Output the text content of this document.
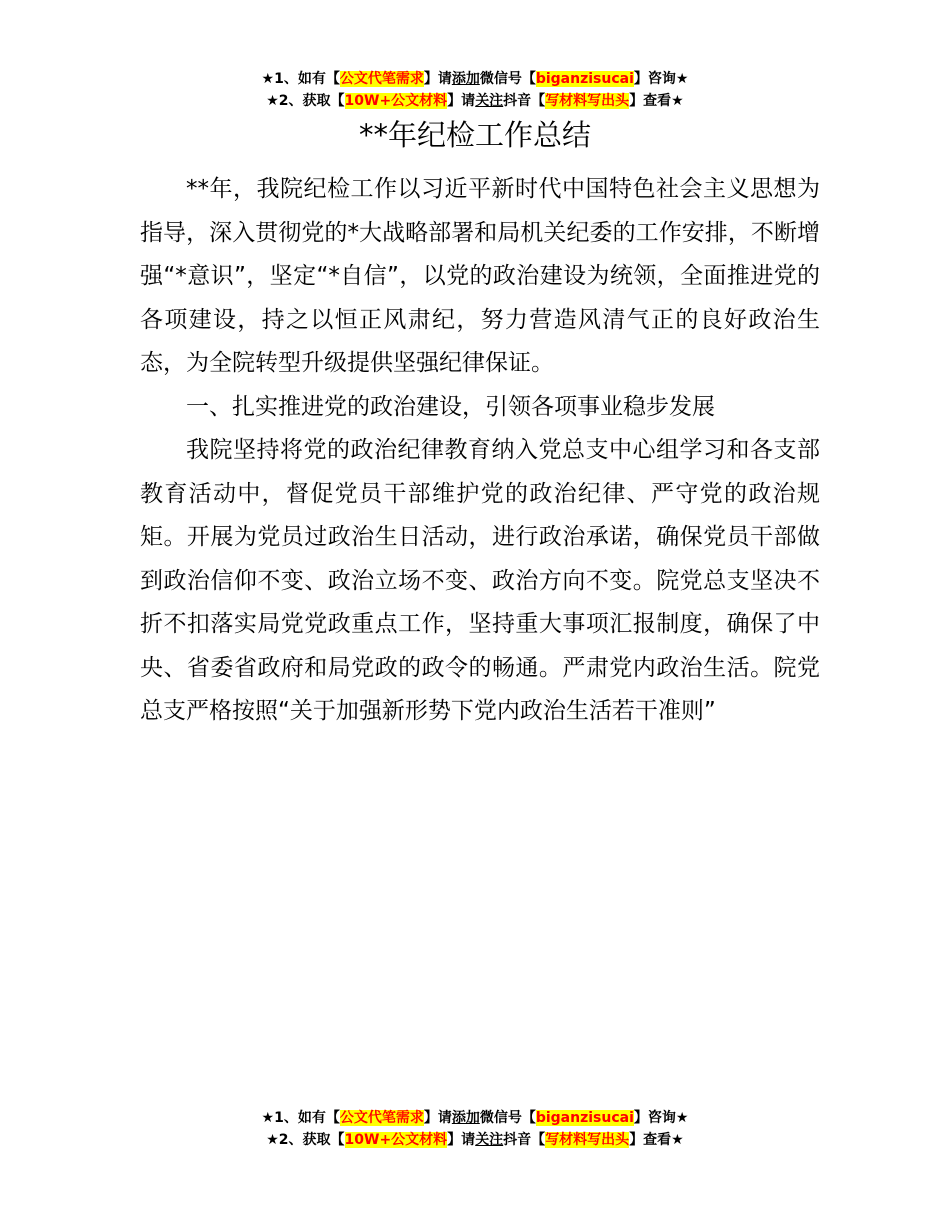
★1、如有【公文代笔需求】请添加微信号【biganzisucai】咨询★
★2、获取【10W+公文材料】请关注抖音【写材料写出头】查看★
**年纪检工作总结

**年，我院纪检工作以习近平新时代中国特色社会主义思想为指导，深入贯彻党的*大战略部署和局机关纪委的工作安排，不断增强“*意识”，坚定“*自信”，以党的政治建设为统领，全面推进党的各项建设，持之以恒正风肃纪，努力营造风清气正的良好政治生态，为全院转型升级提供坚强纪律保证。

一、扎实推进党的政治建设，引领各项事业稳步发展

我院坚持将党的政治纪律教育纳入党总支中心组学习和各支部教育活动中，督促党员干部维护党的政治纪律、严守党的政治规矩。开展为党员过政治生日活动，进行政治承诺，确保党员干部做到政治信仰不变、政治立场不变、政治方向不变。院党总支坚决不折不扣落实局党党政重点工作，坚持重大事项汇报制度，确保了中央、省委省政府和局党政的政令的畅通。严肃党内政治生活。院党总支严格按照“关于加强新形势下党内政治生活若干准则”

★1、如有【公文代笔需求】请添加微信号【biganzisucai】咨询★
★2、获取【10W+公文材料】请关注抖音【写材料写出头】查看★
